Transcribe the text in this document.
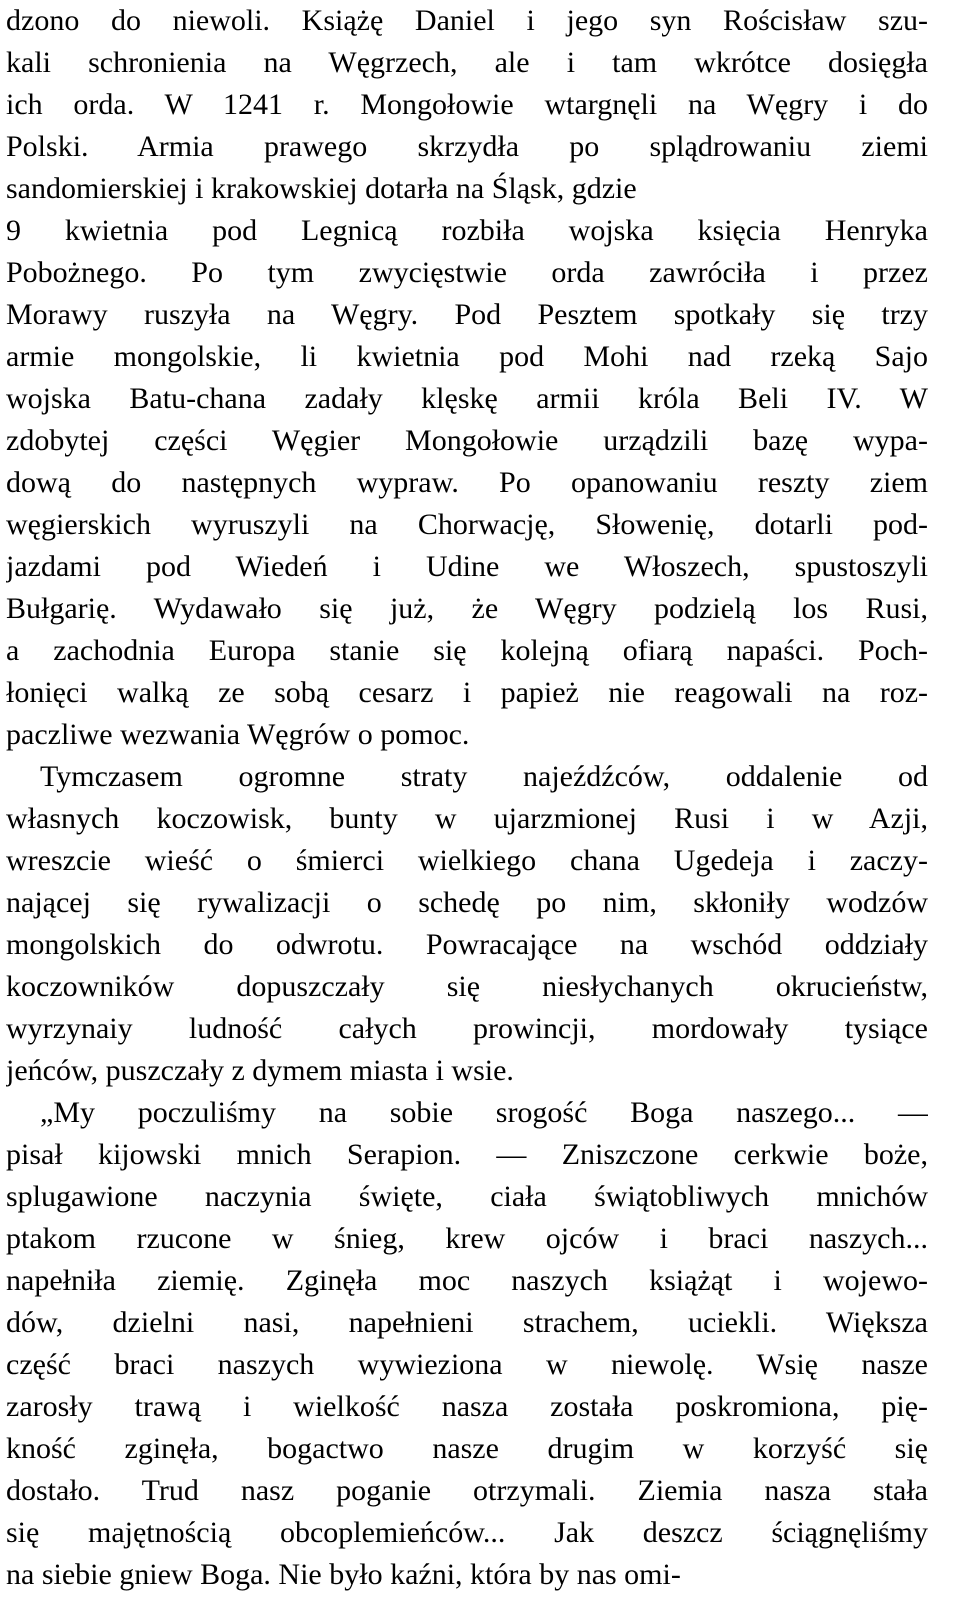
dzono do niewoli. Książę Daniel i jego syn Rościsław szu-
kali schronienia na Węgrzech, ale i tam wkrótce dosięgła
ich orda. W 1241 r. Mongołowie wtargnęli na Węgry i do
Polski. Armia prawego skrzydła po splądrowaniu ziemi
sandomierskiej i krakowskiej dotarła na Śląsk, gdzie
9 kwietnia pod Legnicą rozbiła wojska księcia Henryka
Pobożnego. Po tym zwycięstwie orda zawróciła i przez
Morawy ruszyła na Węgry. Pod Pesztem spotkały się trzy
armie mongolskie, li kwietnia pod Mohi nad rzeką Sajo
wojska Batu-chana zadały klęskę armii króla Beli IV. W
zdobytej części Węgier Mongołowie urządzili bazę wypa-
dową do następnych wypraw. Po opanowaniu reszty ziem
węgierskich wyruszyli na Chorwację, Słowenię, dotarli pod-
jazdami pod Wiedeń i Udine we Włoszech, spustoszyli
Bułgarię. Wydawało się już, że Węgry podzielą los Rusi,
a zachodnia Europa stanie się kolejną ofiarą napaści. Poch-
łonięci walką ze sobą cesarz i papież nie reagowali na roz-
paczliwe wezwania Węgrów o pomoc.
Tymczasem ogromne straty najeźdźców, oddalenie od
własnych koczowisk, bunty w ujarzmionej Rusi i w Azji,
wreszcie wieść o śmierci wielkiego chana Ugedeja i zaczy-
nającej się rywalizacji o schedę po nim, skłoniły wodzów
mongolskich do odwrotu. Powracające na wschód oddziały
koczowników dopuszczały się niesłychanych okrucieństw,
wyrzynaiy ludność całych prowincji, mordowały tysiące
jeńców, puszczały z dymem miasta i wsie.
„My poczuliśmy na sobie srogość Boga naszego... —
pisał kijowski mnich Serapion. — Zniszczone cerkwie boże,
splugawione naczynia święte, ciała świątobliwych mnichów
ptakom rzucone w śnieg, krew ojców i braci naszych...
napełniła ziemię. Zginęła moc naszych książąt i wojewo-
dów, dzielni nasi, napełnieni strachem, uciekli. Większa
część braci naszych wywieziona w niewolę. Wsię nasze
zarosły trawą i wielkość nasza została poskromiona, pię-
kność zginęła, bogactwo nasze drugim w korzyść się
dostało. Trud nasz poganie otrzymali. Ziemia nasza stała
się majętnością obcoplemieńców... Jak deszcz ściągnęliśmy
na siebie gniew Boga. Nie było kaźni, która by nas omi-
